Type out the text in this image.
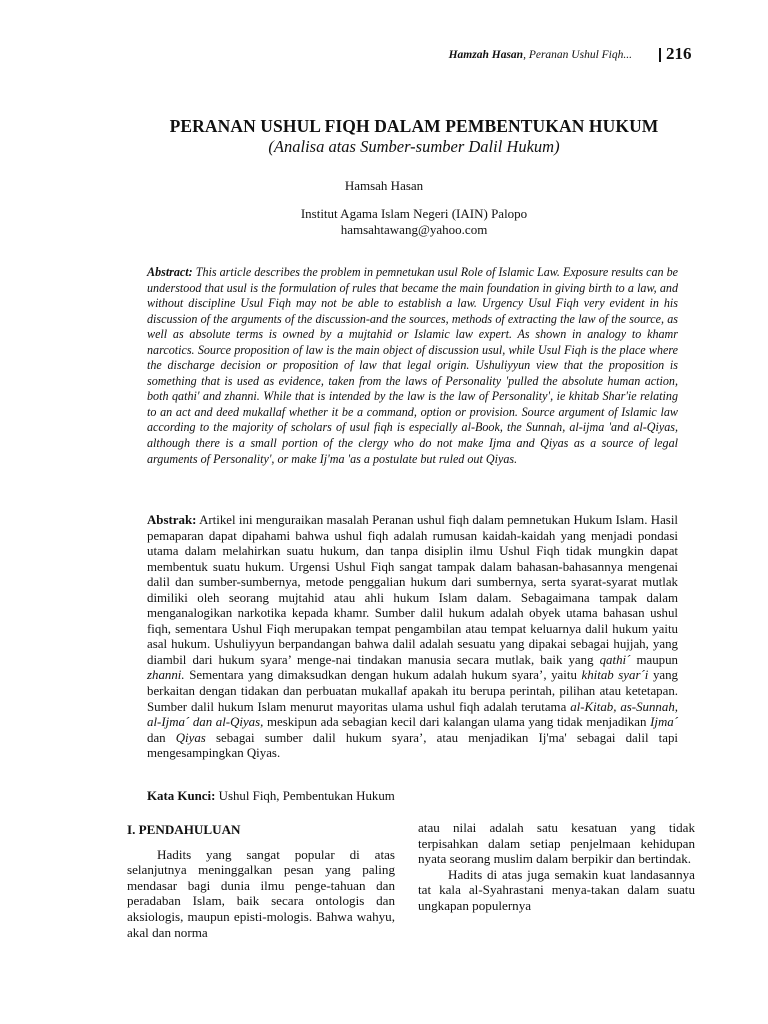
Hamzah Hasan, Peranan Ushul Fiqh... 216
PERANAN USHUL FIQH DALAM PEMBENTUKAN HUKUM
(Analisa atas Sumber-sumber Dalil Hukum)
Hamsah Hasan
Institut Agama Islam Negeri (IAIN) Palopo
hamsahtawang@yahoo.com
Abstract: This article describes the problem in pemnetukan usul Role of Islamic Law. Exposure results can be understood that usul is the formulation of rules that became the main foundation in giving birth to a law, and without discipline Usul Fiqh may not be able to establish a law. Urgency Usul Fiqh very evident in his discussion of the arguments of the discussion-and the sources, methods of extracting the law of the source, as well as absolute terms is owned by a mujtahid or Islamic law expert. As shown in analogy to khamr narcotics. Source proposition of law is the main object of discussion usul, while Usul Fiqh is the place where the discharge decision or proposition of law that legal origin. Ushuliyyun view that the proposition is something that is used as evidence, taken from the laws of Personality 'pulled the absolute human action, both qathi' and zhanni. While that is intended by the law is the law of Personality', ie khitab Shar'ie relating to an act and deed mukallaf whether it be a command, option or provision. Source argument of Islamic law according to the majority of scholars of usul fiqh is especially al-Book, the Sunnah, al-ijma 'and al-Qiyas, although there is a small portion of the clergy who do not make Ijma and Qiyas as a source of legal arguments of Personality', or make Ij'ma 'as a postulate but ruled out Qiyas.
Abstrak: Artikel ini menguraikan masalah Peranan ushul fiqh dalam pemnetukan Hukum Islam. Hasil pemaparan dapat dipahami bahwa ushul fiqh adalah rumusan kaidah-kaidah yang menjadi pondasi utama dalam melahirkan suatu hukum, dan tanpa disiplin ilmu Ushul Fiqh tidak mungkin dapat membentuk suatu hukum. Urgensi Ushul Fiqh sangat tampak dalam bahasan-bahasannya mengenai dalil dan sumber-sumbernya, metode penggalian hukum dari sumbernya, serta syarat-syarat mutlak dimiliki oleh seorang mujtahid atau ahli hukum Islam dalam. Sebagaimana tampak dalam menganalogikan narkotika kepada khamr. Sumber dalil hukum adalah obyek utama bahasan ushul fiqh, sementara Ushul Fiqh merupakan tempat pengambilan atau tempat keluarnya dalil hukum yaitu asal hukum. Ushuliyyun berpandangan bahwa dalil adalah sesuatu yang dipakai sebagai hujjah, yang diambil dari hukum syara’ menge-nai tindakan manusia secara mutlak, baik yang qathi´ maupun zhanni. Sementara yang dimaksudkan dengan hukum adalah hukum syara’, yaitu khitab syar´i yang berkaitan dengan tidakan dan perbuatan mukallaf apakah itu berupa perintah, pilihan atau ketetapan. Sumber dalil hukum Islam menurut mayoritas ulama ushul fiqh adalah terutama al-Kitab, as-Sunnah, al-Ijma´ dan al-Qiyas, meskipun ada sebagian kecil dari kalangan ulama yang tidak menjadikan Ijma´ dan Qiyas sebagai sumber dalil hukum syara’, atau menjadikan Ij'ma' sebagai dalil tapi mengesampingkan Qiyas.
Kata Kunci: Ushul Fiqh, Pembentukan Hukum
I. PENDAHULUAN

Hadits yang sangat popular di atas selanjutnya meninggalkan pesan yang paling mendasar bagi dunia ilmu penge-tahuan dan peradaban Islam, baik secara ontologis dan aksiologis, maupun episti-mologis. Bahwa wahyu, akal dan norma

atau nilai adalah satu kesatuan yang tidak terpisahkan dalam setiap penjelmaan kehidupan nyata seorang muslim dalam berpikir dan bertindak.

Hadits di atas juga semakin kuat landasannya tat kala al-Syahrastani menya-takan dalam suatu ungkapan populernya
